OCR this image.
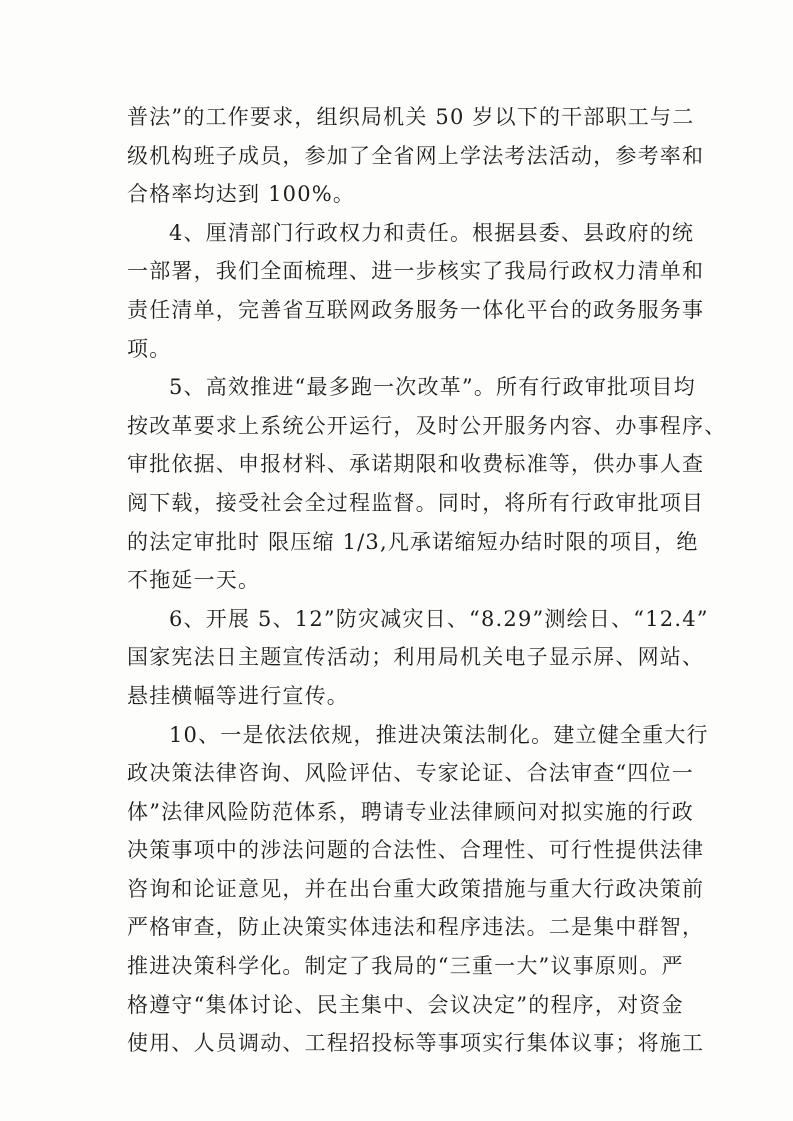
普法”的工作要求，组织局机关 50 岁以下的干部职工与二
级机构班子成员，参加了全省网上学法考法活动，参考率和
合格率均达到 100%。
4、厘清部门行政权力和责任。根据县委、县政府的统
一部署，我们全面梳理、进一步核实了我局行政权力清单和
责任清单，完善省互联网政务服务一体化平台的政务服务事
项。
5、高效推进“最多跑一次改革”。所有行政审批项目均
按改革要求上系统公开运行，及时公开服务内容、办事程序、
审批依据、申报材料、承诺期限和收费标准等，供办事人查
阅下载，接受社会全过程监督。同时，将所有行政审批项目
的法定审批时 限压缩 1/3,凡承诺缩短办结时限的项目，绝
不拖延一天。
6、开展 5、12”防灾减灾日、“8.29”测绘日、“12.4”
国家宪法日主题宣传活动；利用局机关电子显示屏、网站、
悬挂横幅等进行宣传。
10、一是依法依规，推进决策法制化。建立健全重大行
政决策法律咨询、风险评估、专家论证、合法审查“四位一
体”法律风险防范体系，聘请专业法律顾问对拟实施的行政
决策事项中的涉法问题的合法性、合理性、可行性提供法律
咨询和论证意见，并在出台重大政策措施与重大行政决策前
严格审查，防止决策实体违法和程序违法。二是集中群智，
推进决策科学化。制定了我局的“三重一大”议事原则。严
格遵守“集体讨论、民主集中、会议决定”的程序，对资金
使用、人员调动、工程招投标等事项实行集体议事；将施工
